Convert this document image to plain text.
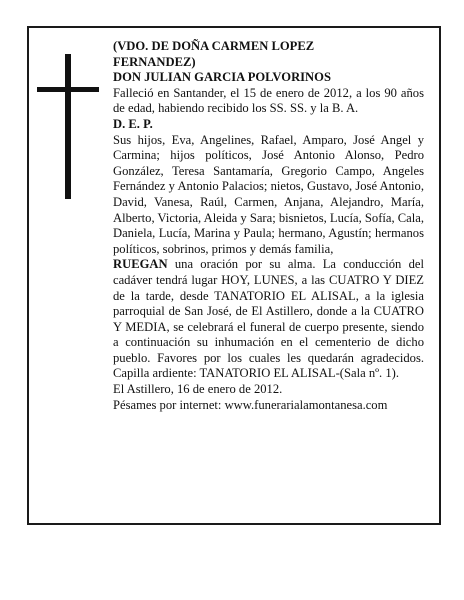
(VDO. DE DOÑA CARMEN LOPEZ

FERNANDEZ)

DON JULIAN GARCIA POLVORINOS

Falleció en Santander, el 15 de enero de 2012, a los 90 años de edad, habiendo recibido los SS. SS. y la B. A.

D. E. P.

Sus hijos, Eva, Angelines, Rafael, Amparo, José Angel y Carmina; hijos políticos, José Antonio Alonso, Pedro González, Teresa Santamaría, Gregorio Campo, Angeles Fernández y Antonio Palacios; nietos, Gustavo, José Antonio, David, Vanesa, Raúl, Carmen, Anjana, Alejandro, María, Alberto, Victoria, Aleida y Sara; bisnietos, Lucía, Sofía, Cala, Daniela, Lucía, Marina y Paula; hermano, Agustín; hermanos políticos, sobrinos, primos y demás familia,

RUEGAN una oración por su alma. La conducción del cadáver tendrá lugar HOY, LUNES, a las CUATRO Y DIEZ de la tarde, desde TANATORIO EL ALISAL, a la iglesia parroquial de San José, de El Astillero, donde a la CUATRO Y MEDIA, se celebrará el funeral de cuerpo presente, siendo a continuación su inhumación en el cementerio de dicho pueblo. Favores por los cuales les quedarán agradecidos. Capilla ardiente: TANATORIO EL ALISAL-(Sala nº. 1).

El Astillero, 16 de enero de 2012.

Pésames por internet: www.funerarialamontanesa.com
